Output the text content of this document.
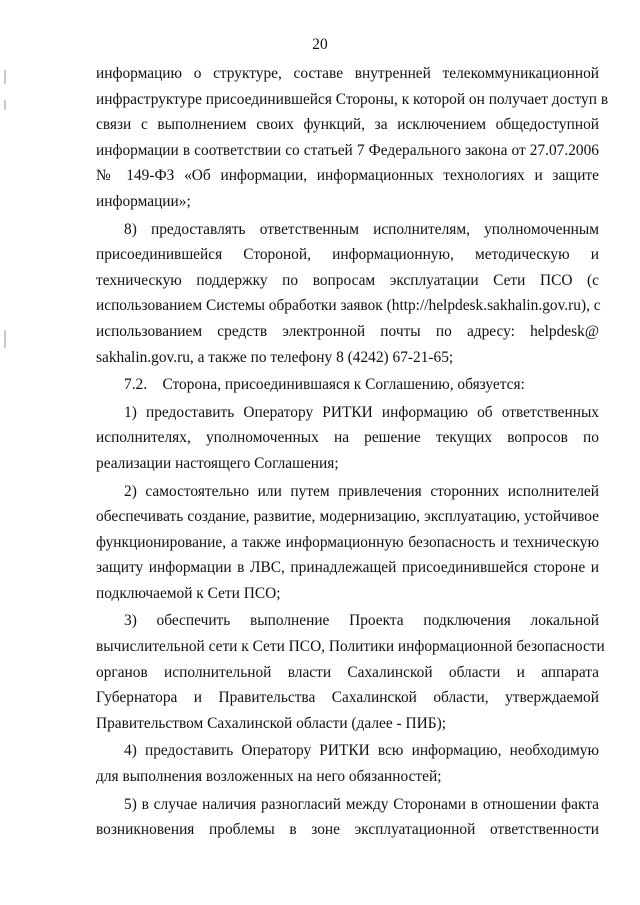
20
информацию о структуре, составе внутренней телекоммуникационной
инфраструктуре присоединившейся Стороны, к которой он получает доступ в
связи с выполнением своих функций, за исключением общедоступной
информации в соответствии со статьей 7 Федерального закона от 27.07.2006
№ 149-ФЗ «Об информации, информационных технологиях и защите
информации»;
8) предоставлять ответственным исполнителям, уполномоченным
присоединившейся Стороной, информационную, методическую и
техническую поддержку по вопросам эксплуатации Сети ПСО (с
использованием Системы обработки заявок (http://helpdesk.sakhalin.gov.ru), с
использованием средств электронной почты по адресу: helpdesk@
sakhalin.gov.ru, а также по телефону 8 (4242) 67-21-65;
7.2.    Сторона, присоединившаяся к Соглашению, обязуется:
1) предоставить Оператору РИТКИ информацию об ответственных
исполнителях, уполномоченных на решение текущих вопросов по
реализации настоящего Соглашения;
2) самостоятельно или путем привлечения сторонних исполнителей
обеспечивать создание, развитие, модернизацию, эксплуатацию, устойчивое
функционирование, а также информационную безопасность и техническую
защиту информации в ЛВС, принадлежащей присоединившейся стороне и
подключаемой к Сети ПСО;
3) обеспечить выполнение Проекта подключения локальной
вычислительной сети к Сети ПСО, Политики информационной безопасности
органов исполнительной власти Сахалинской области и аппарата
Губернатора и Правительства Сахалинской области, утверждаемой
Правительством Сахалинской области (далее - ПИБ);
4) предоставить Оператору РИТКИ всю информацию, необходимую
для выполнения возложенных на него обязанностей;
5) в случае наличия разногласий между Сторонами в отношении факта
возникновения проблемы в зоне эксплуатационной ответственности
